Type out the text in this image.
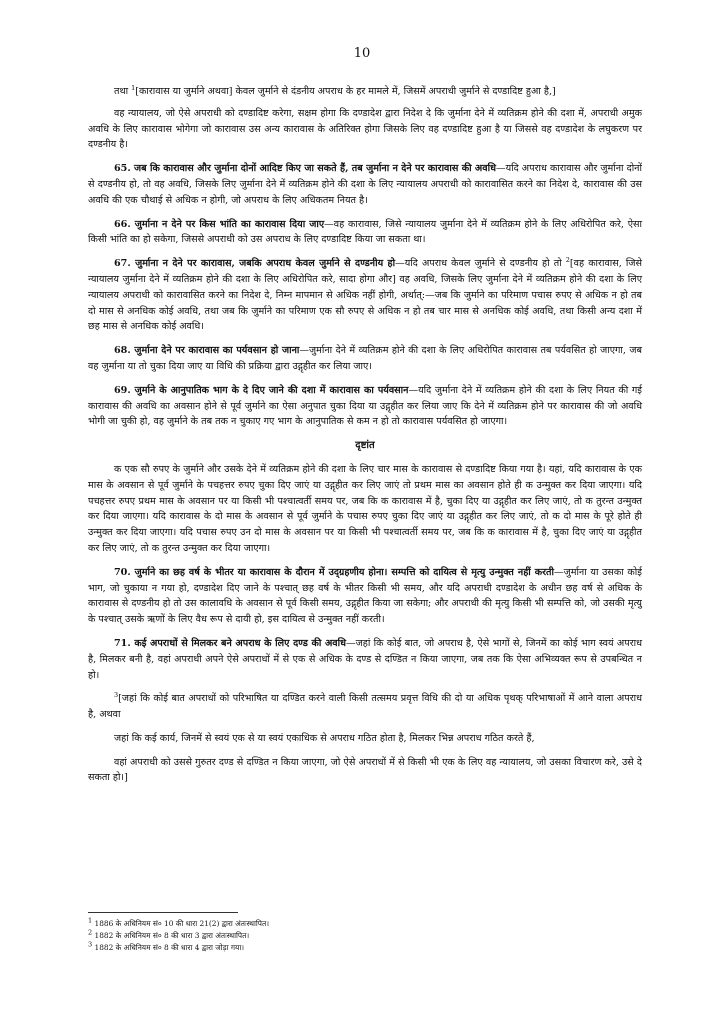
10

तथा $^1$[कारावास या जुर्माने अथवा] केवल जुर्माने से दंडनीय अपराध के हर मामले में, जिसमें अपराधी जुर्माने से दण्डादिष्ट हुआ है,]

वह न्यायालय, जो ऐसे अपराधी को दण्डादिष्ट करेगा, सक्षम होगा कि दण्डादेश द्वारा निदेश दे कि जुर्माना देने में व्यतिक्रम होने की दशा में, अपराधी अमुक अवधि के लिए कारावास भोगेगा जो कारावास उस अन्य कारावास के अतिरिक्त होगा जिसके लिए वह दण्डादिष्ट हुआ है या जिससे वह दण्डादेश के लघुकरण पर दण्डनीय है।

65. जब कि कारावास और जुर्माना दोनों आदिष्ट किए जा सकते हैं, तब जुर्माना न देने पर कारावास की अवधि—यदि अपराध कारावास और जुर्माना दोनों से दण्डनीय हो, तो वह अवधि, जिसके लिए जुर्माना देने में व्यतिक्रम होने की दशा के लिए न्यायालय अपराधी को कारावासित करने का निदेश दे, कारावास की उस अवधि की एक चौथाई से अधिक न होगी, जो अपराध के लिए अधिकतम नियत है।

66. जुर्माना न देने पर किस भांति का कारावास दिया जाए—वह कारावास, जिसे न्यायालय जुर्माना देने में व्यतिक्रम होने के लिए अधिरोपित करे, ऐसा किसी भांति का हो सकेगा, जिससे अपराधी को उस अपराध के लिए दण्डादिष्ट किया जा सकता था।

67. जुर्माना न देने पर कारावास, जबकि अपराध केवल जुर्माने से दण्डनीय हो—यदि अपराध केवल जुर्माने से दण्डनीय हो तो $^2$[वह कारावास, जिसे न्यायालय जुर्माना देने में व्यतिक्रम होने की दशा के लिए अधिरोपित करे, सादा होगा और] वह अवधि, जिसके लिए जुर्माना देने में व्यतिक्रम होने की दशा के लिए न्यायालय अपराधी को कारावासित करने का निदेश दे, निम्न मापमान से अधिक नहीं होगी, अर्थात्:—जब कि जुर्माने का परिमाण पचास रुपए से अधिक न हो तब दो मास से अनधिक कोई अवधि, तथा जब कि जुर्माने का परिमाण एक सौ रुपए से अधिक न हो तब चार मास से अनधिक कोई अवधि, तथा किसी अन्य दशा में छह मास से अनधिक कोई अवधि।

68. जुर्माना देने पर कारावास का पर्यवसान हो जाना—जुर्माना देने में व्यतिक्रम होने की दशा के लिए अधिरोपित कारावास तब पर्यवसित हो जाएगा, जब वह जुर्माना या तो चुका दिया जाए या विधि की प्रक्रिया द्वारा उद्गृहीत कर लिया जाए।

69. जुर्माने के आनुपातिक भाग के दे दिए जाने की दशा में कारावास का पर्यवसान—यदि जुर्माना देने में व्यतिक्रम होने की दशा के लिए नियत की गई कारावास की अवधि का अवसान होने से पूर्व जुर्माने का ऐसा अनुपात चुका दिया या उद्गृहीत कर लिया जाए कि देने में व्यतिक्रम होने पर कारावास की जो अवधि भोगी जा चुकी हो, वह जुर्माने के तब तक न चुकाए गए भाग के आनुपातिक से कम न हो तो कारावास पर्यवसित हो जाएगा।

दृष्टांत

क एक सौ रुपए के जुर्माने और उसके देने में व्यतिक्रम होने की दशा के लिए चार मास के कारावास से दण्डादिष्ट किया गया है। यहां, यदि कारावास के एक मास के अवसान से पूर्व जुर्माने के पचहत्तर रुपए चुका दिए जाएं या उद्गृहीत कर लिए जाएं तो प्रथम मास का अवसान होते ही क उन्मुक्त कर दिया जाएगा। यदि पचहत्तर रुपए प्रथम मास के अवसान पर या किसी भी पश्चात्वर्ती समय पर, जब कि क कारावास में है, चुका दिए या उद्गृहीत कर लिए जाएं, तो क तुरन्त उन्मुक्त कर दिया जाएगा। यदि कारावास के दो मास के अवसान से पूर्व जुर्माने के पचास रुपए चुका दिए जाएं या उद्गृहीत कर लिए जाएं, तो क दो मास के पूरे होते ही उन्मुक्त कर दिया जाएगा। यदि पचास रुपए उन दो मास के अवसान पर या किसी भी पश्चात्वर्ती समय पर, जब कि क कारावास में है, चुका दिए जाएं या उद्गृहीत कर लिए जाएं, तो क तुरन्त उन्मुक्त कर दिया जाएगा।

70. जुर्माने का छह वर्ष के भीतर या कारावास के दौरान में उद्ग्रहणीय होना। सम्पत्ति को दायित्व से मृत्यु उन्मुक्त नहीं करती—जुर्माना या उसका कोई भाग, जो चुकाया न गया हो, दण्डादेश दिए जाने के पश्चात् छह वर्ष के भीतर किसी भी समय, और यदि अपराधी दण्डादेश के अधीन छह वर्ष से अधिक के कारावास से दण्डनीय हो तो उस कालावधि के अवसान से पूर्व किसी समय, उद्गृहीत किया जा सकेगा; और अपराधी की मृत्यु किसी भी सम्पत्ति को, जो उसकी मृत्यु के पश्चात् उसके ऋणों के लिए वैध रूप से दायी हो, इस दायित्व से उन्मुक्त नहीं करती।

71. कई अपराधों से मिलकर बने अपराध के लिए दण्ड की अवधि—जहां कि कोई बात, जो अपराध है, ऐसे भागों से, जिनमें का कोई भाग स्वयं अपराध है, मिलकर बनी है, वहां अपराधी अपने ऐसे अपराधों में से एक से अधिक के दण्ड से दण्डित न किया जाएगा, जब तक कि ऐसा अभिव्यक्त रूप से उपबन्धित न हो।

$^3$[जहां कि कोई बात अपराधों को परिभाषित या दण्डित करने वाली किसी तत्समय प्रवृत्त विधि की दो या अधिक पृथक् परिभाषाओं में आने वाला अपराध है, अथवा

जहां कि कई कार्य, जिनमें से स्वयं एक से या स्वयं एकाधिक से अपराध गठित होता है, मिलकर भिन्न अपराध गठित करते हैं,

वहां अपराधी को उससे गुरुतर दण्ड से दण्डित न किया जाएगा, जो ऐसे अपराधों में से किसी भी एक के लिए वह न्यायालय, जो उसका विचारण करे, उसे दे सकता हो।]

$^1$ 1886 के अधिनियम सं० 10 की धारा 21(2) द्वारा अंतःस्थापित।
$^2$ 1882 के अधिनियम सं० 8 की धारा 3 द्वारा अंतःस्थापित।
$^3$ 1882 के अधिनियम सं० 8 की धारा 4 द्वारा जोड़ा गया।
